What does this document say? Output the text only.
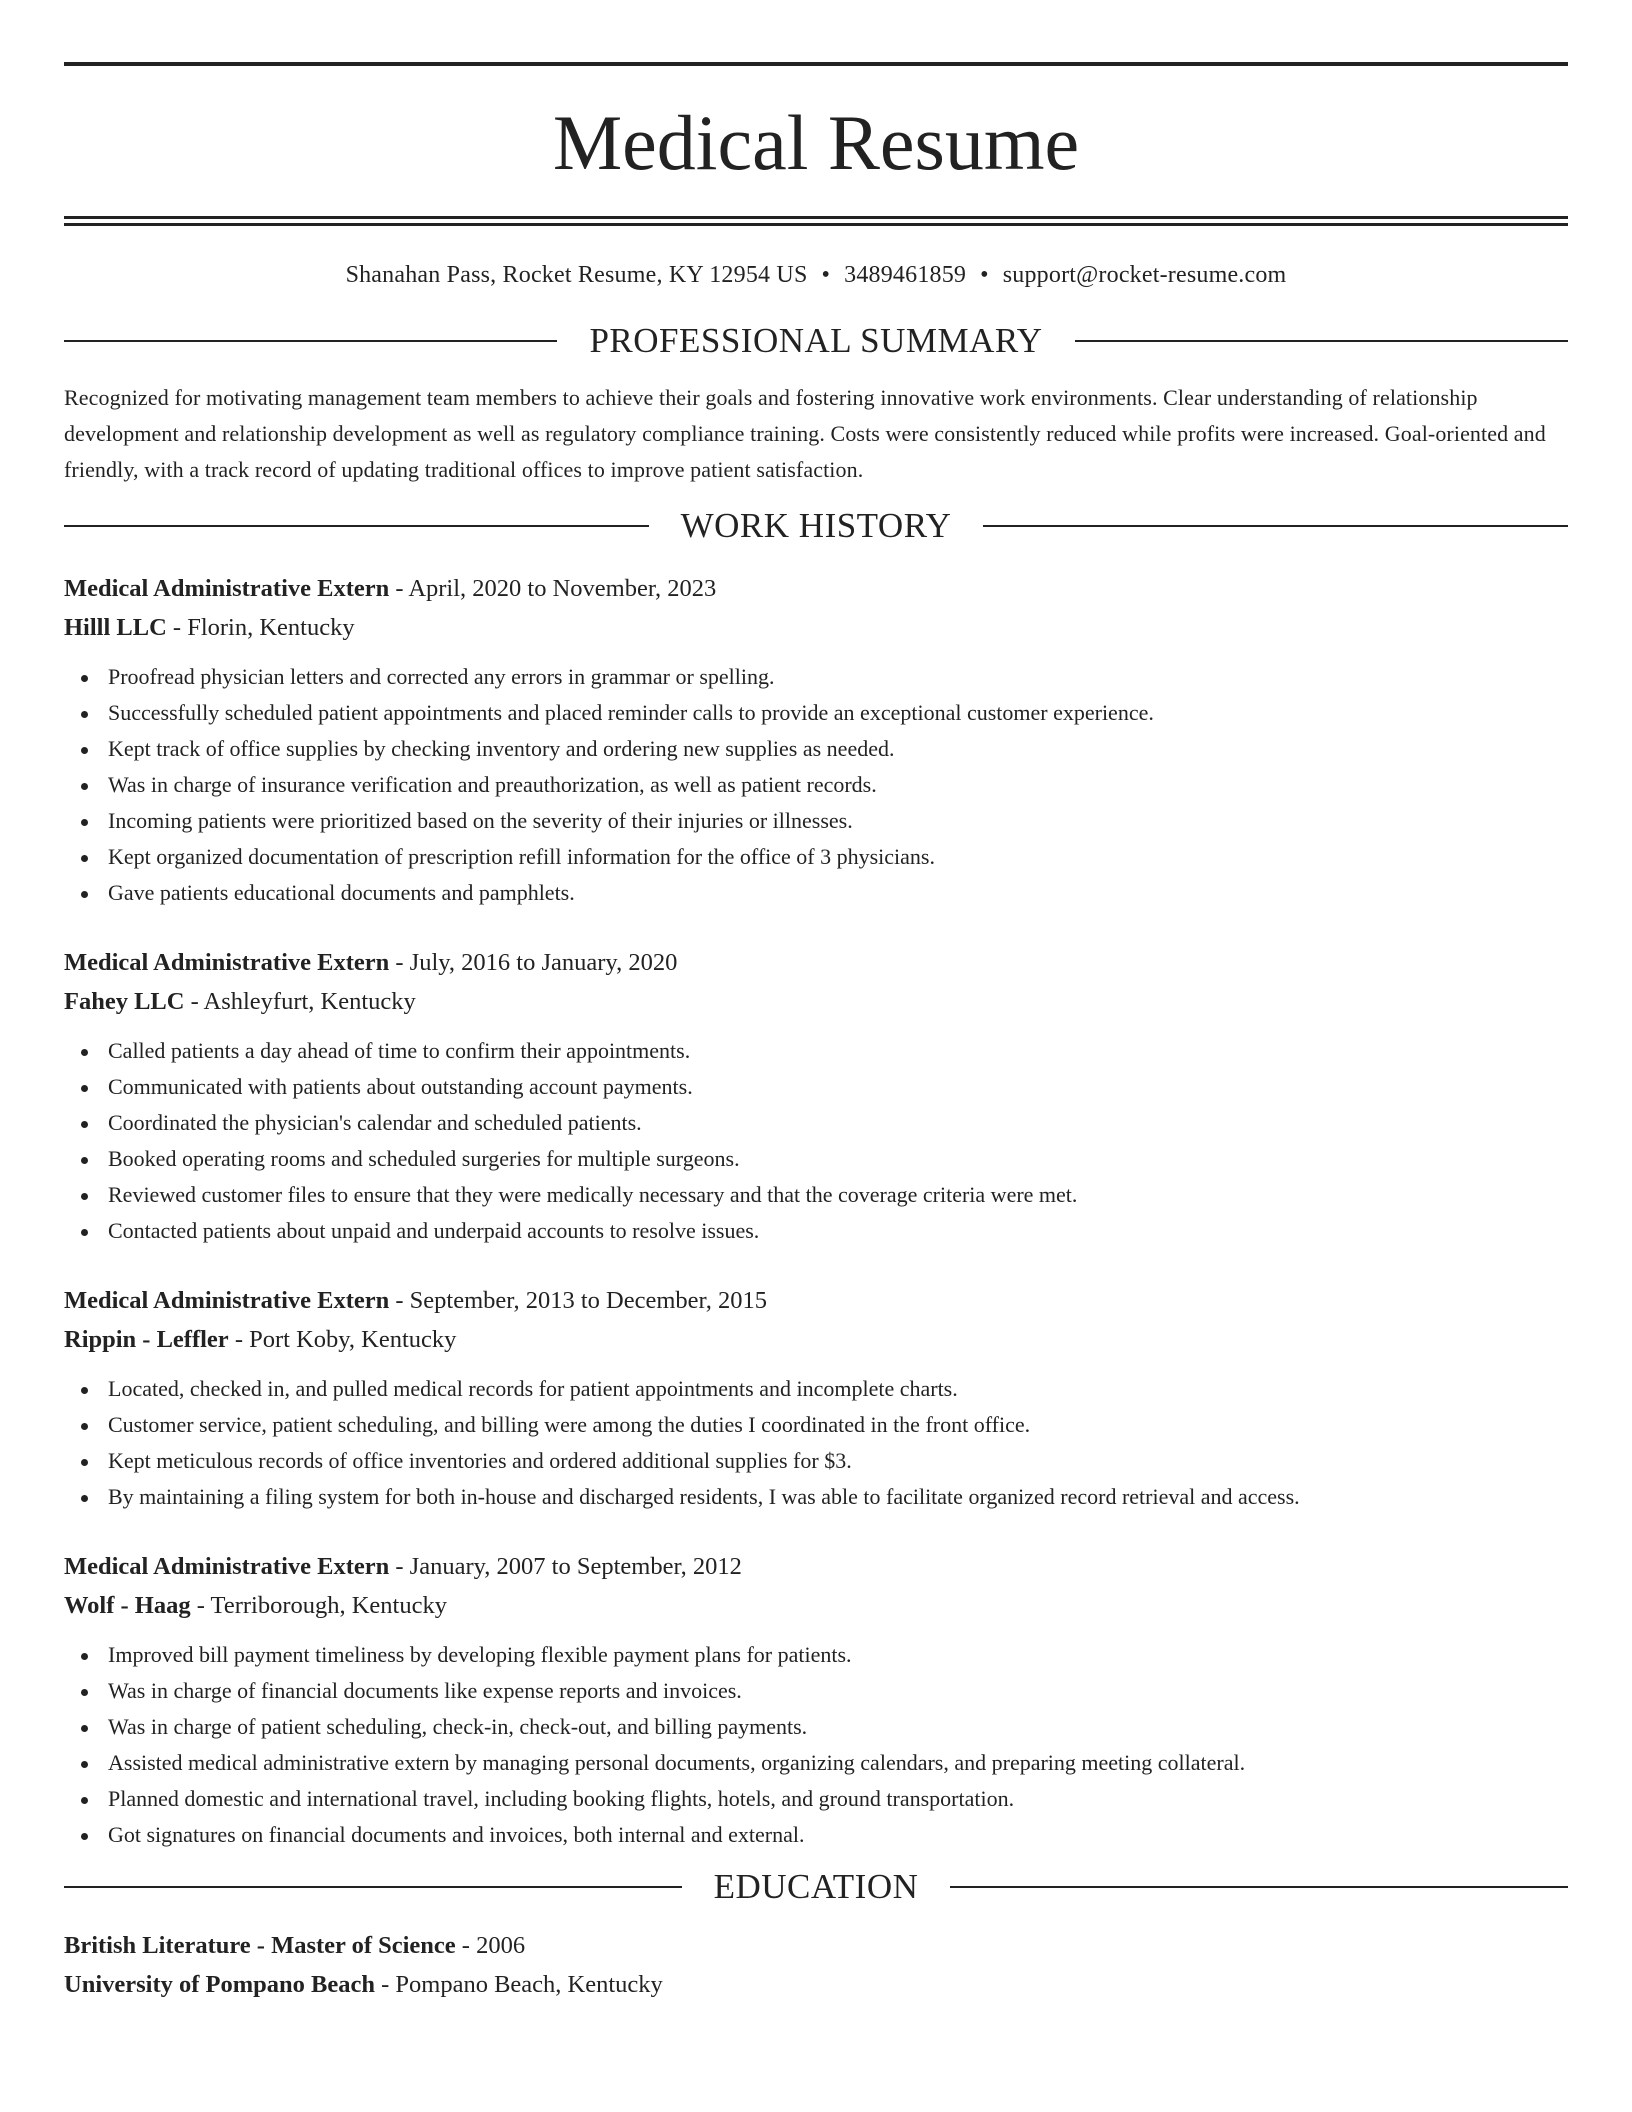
Medical Resume
Shanahan Pass, Rocket Resume, KY 12954 US • 3489461859 • support@rocket-resume.com
PROFESSIONAL SUMMARY
Recognized for motivating management team members to achieve their goals and fostering innovative work environments. Clear understanding of relationship development and relationship development as well as regulatory compliance training. Costs were consistently reduced while profits were increased. Goal-oriented and friendly, with a track record of updating traditional offices to improve patient satisfaction.
WORK HISTORY
Medical Administrative Extern - April, 2020 to November, 2023
Hilll LLC - Florin, Kentucky
Proofread physician letters and corrected any errors in grammar or spelling.
Successfully scheduled patient appointments and placed reminder calls to provide an exceptional customer experience.
Kept track of office supplies by checking inventory and ordering new supplies as needed.
Was in charge of insurance verification and preauthorization, as well as patient records.
Incoming patients were prioritized based on the severity of their injuries or illnesses.
Kept organized documentation of prescription refill information for the office of 3 physicians.
Gave patients educational documents and pamphlets.
Medical Administrative Extern - July, 2016 to January, 2020
Fahey LLC - Ashleyfurt, Kentucky
Called patients a day ahead of time to confirm their appointments.
Communicated with patients about outstanding account payments.
Coordinated the physician's calendar and scheduled patients.
Booked operating rooms and scheduled surgeries for multiple surgeons.
Reviewed customer files to ensure that they were medically necessary and that the coverage criteria were met.
Contacted patients about unpaid and underpaid accounts to resolve issues.
Medical Administrative Extern - September, 2013 to December, 2015
Rippin - Leffler - Port Koby, Kentucky
Located, checked in, and pulled medical records for patient appointments and incomplete charts.
Customer service, patient scheduling, and billing were among the duties I coordinated in the front office.
Kept meticulous records of office inventories and ordered additional supplies for $3.
By maintaining a filing system for both in-house and discharged residents, I was able to facilitate organized record retrieval and access.
Medical Administrative Extern - January, 2007 to September, 2012
Wolf - Haag - Terriborough, Kentucky
Improved bill payment timeliness by developing flexible payment plans for patients.
Was in charge of financial documents like expense reports and invoices.
Was in charge of patient scheduling, check-in, check-out, and billing payments.
Assisted medical administrative extern by managing personal documents, organizing calendars, and preparing meeting collateral.
Planned domestic and international travel, including booking flights, hotels, and ground transportation.
Got signatures on financial documents and invoices, both internal and external.
EDUCATION
British Literature - Master of Science - 2006
University of Pompano Beach - Pompano Beach, Kentucky
